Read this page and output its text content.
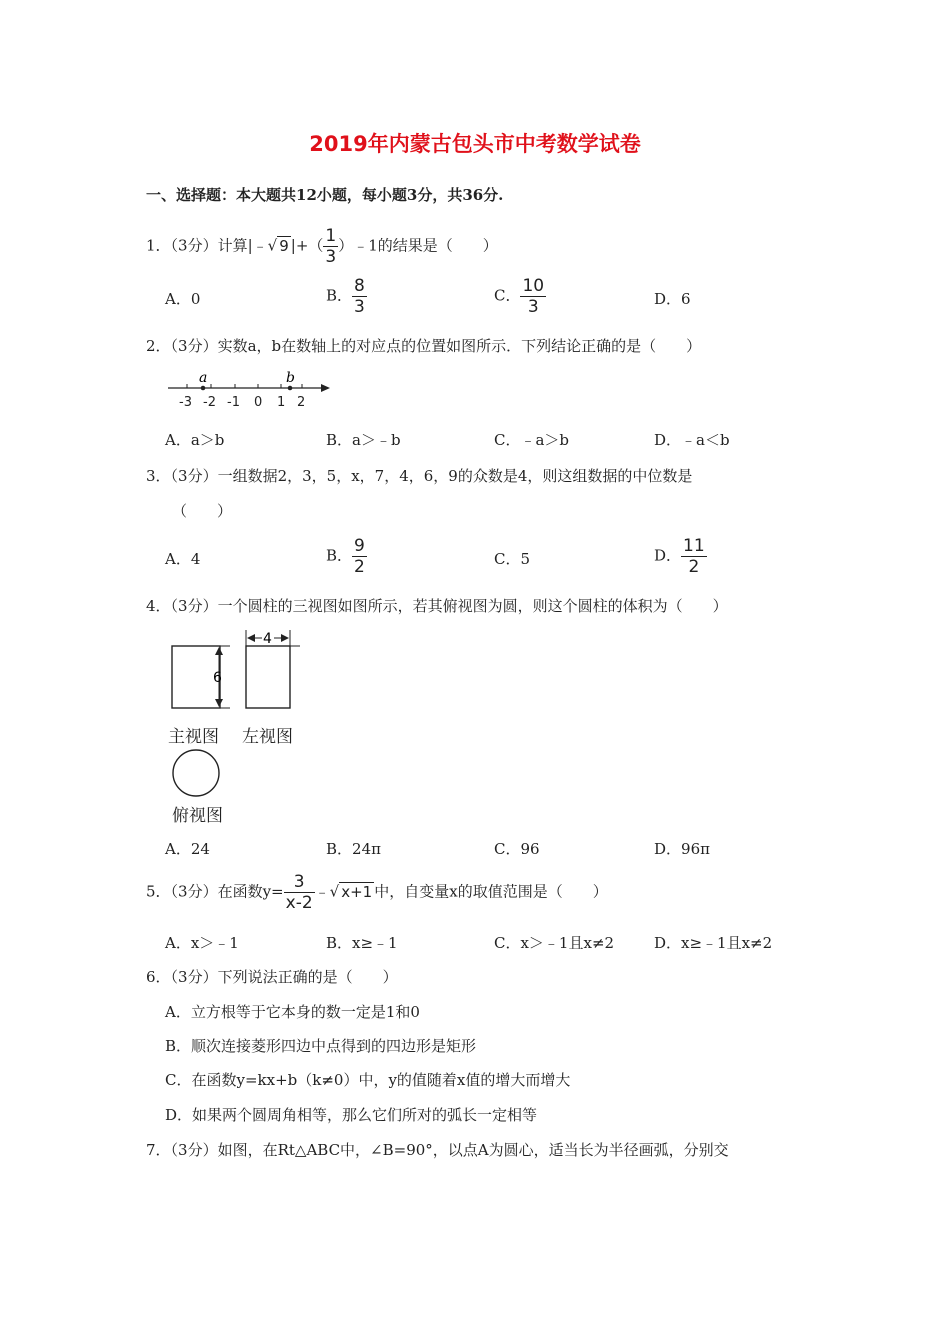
2019年内蒙古包头市中考数学试卷
一、选择题：本大题共12小题，每小题3分，共36分.
1．（3分）计算|﹣√ 9 |+（ $\frac{1}{3}$ ）﹣1的结果是（　　）
A．0	B． $\frac{8}{3}$	C． $\frac{10}{3}$	D．6
2．（3分）实数a，b在数轴上的对应点的位置如图所示．下列结论正确的是（　　）
a	b
-3 -2 -1 0 1 2
A．a＞b	B．a＞﹣b	C．﹣a＞b	D．﹣a＜b
3．（3分）一组数据2，3，5，x，7，4，6，9的众数是4，则这组数据的中位数是
（　　）
A．4	B． $\frac{9}{2}$	C．5	D． $\frac{11}{2}$
4．（3分）一个圆柱的三视图如图所示，若其俯视图为圆，则这个圆柱的体积为（　　）
6
4
主视图 左视图
俯视图
A．24	B．24π	C．96	D．96π
5．（3分）在函数$y= \frac{3}{x-2}$ ﹣√ x+1 中，自变量x的取值范围是（　　）
A．x＞﹣1	B．x≥﹣1	C．x＞﹣1且x≠2	D．x≥﹣1且x≠2
6．（3分）下列说法正确的是（　　）
A．立方根等于它本身的数一定是1和0
B．顺次连接菱形四边中点得到的四边形是矩形
C．在函数y=kx+b（k≠0）中，y的值随着x值的增大而增大
D．如果两个圆周角相等，那么它们所对的弧长一定相等
7．（3分）如图，在Rt△ABC中，∠B=90°，以点A为圆心，适当长为半径画弧，分别交
